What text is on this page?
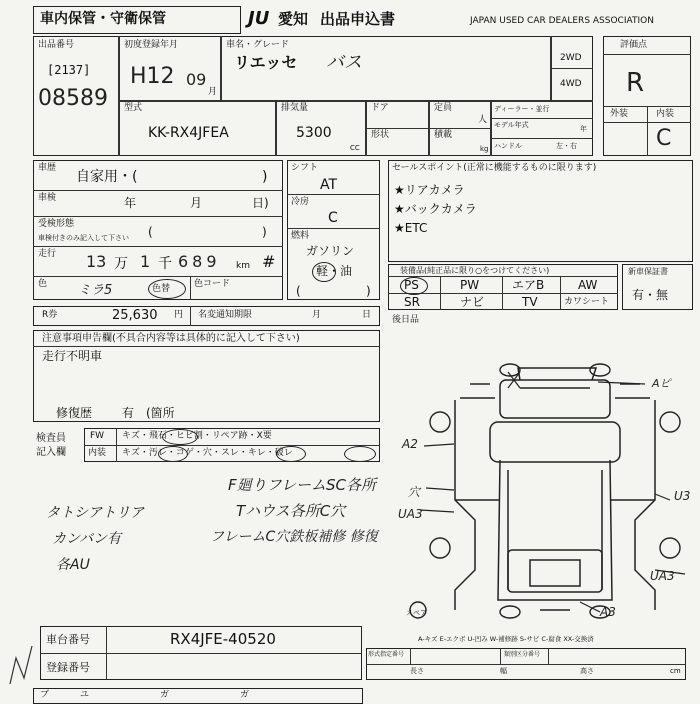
車内保管・守衛保管	JU 愛知 出品申込書	JAPAN USED CAR DEALERS ASSOCIATION
出品番号
[2137]
08589
初度登録年月
H12 09
月
車名・グレード
リエッセ バス	2WD
4WD
型式
KK-RX4JFEA
排気量
5300
CC
ドア	定員
人
形状	積載
kg
ディーラー・並行
モデル年式	年
ハンドル	左・右
評価点
R
外装	内装
C
車歴
自家用・(	)
車検	年	月	日)
受検形態
車検付きのみ記入して下さい (	)
走行 13 万 1 千 689 km #
色 ミラ5	色替	色コード
シフト
AT
冷房
C
燃料
ガソリン
軽・油
(	)
セールスポイント(正常に機能するものに限ります)
★リアカメラ
★バックカメラ
★ETC
装備品(純正品に限り○をつけてください)
PS	PW	エアB	AW
SR	ナビ	TV	カワシート
新車保証書
有・無
R券	25,630 円 名変通知期限	月	日
注意事項申告欄(不具合内容等は具体的に記入して下さい)
走行不明車
修復歴 有 (箇所
後日品
検査員
記入欄
FW キズ・飛石・ヒビ割・リペア跡・X要
内装 キズ・汚レ・コゲ・穴・スレ・キレ・破レ
F廻りフレームSC各所
Tハウス各所C穴
フレームC穴鉄板補修 修復
タトシアトリア
カンバン有
各AU
Aピ
A2
穴
UA3
U3
UA3
A3
スペア
A-キズ E-エクボ U-凹み W-補修跡 S-サビ C-腐食 XX-交換済
車台番号	RX4JFE-40520
登録番号
形式指定番号	類別区分番号
長さ	幅	高さ	cm
ブ	ユ	ガ	ガ
